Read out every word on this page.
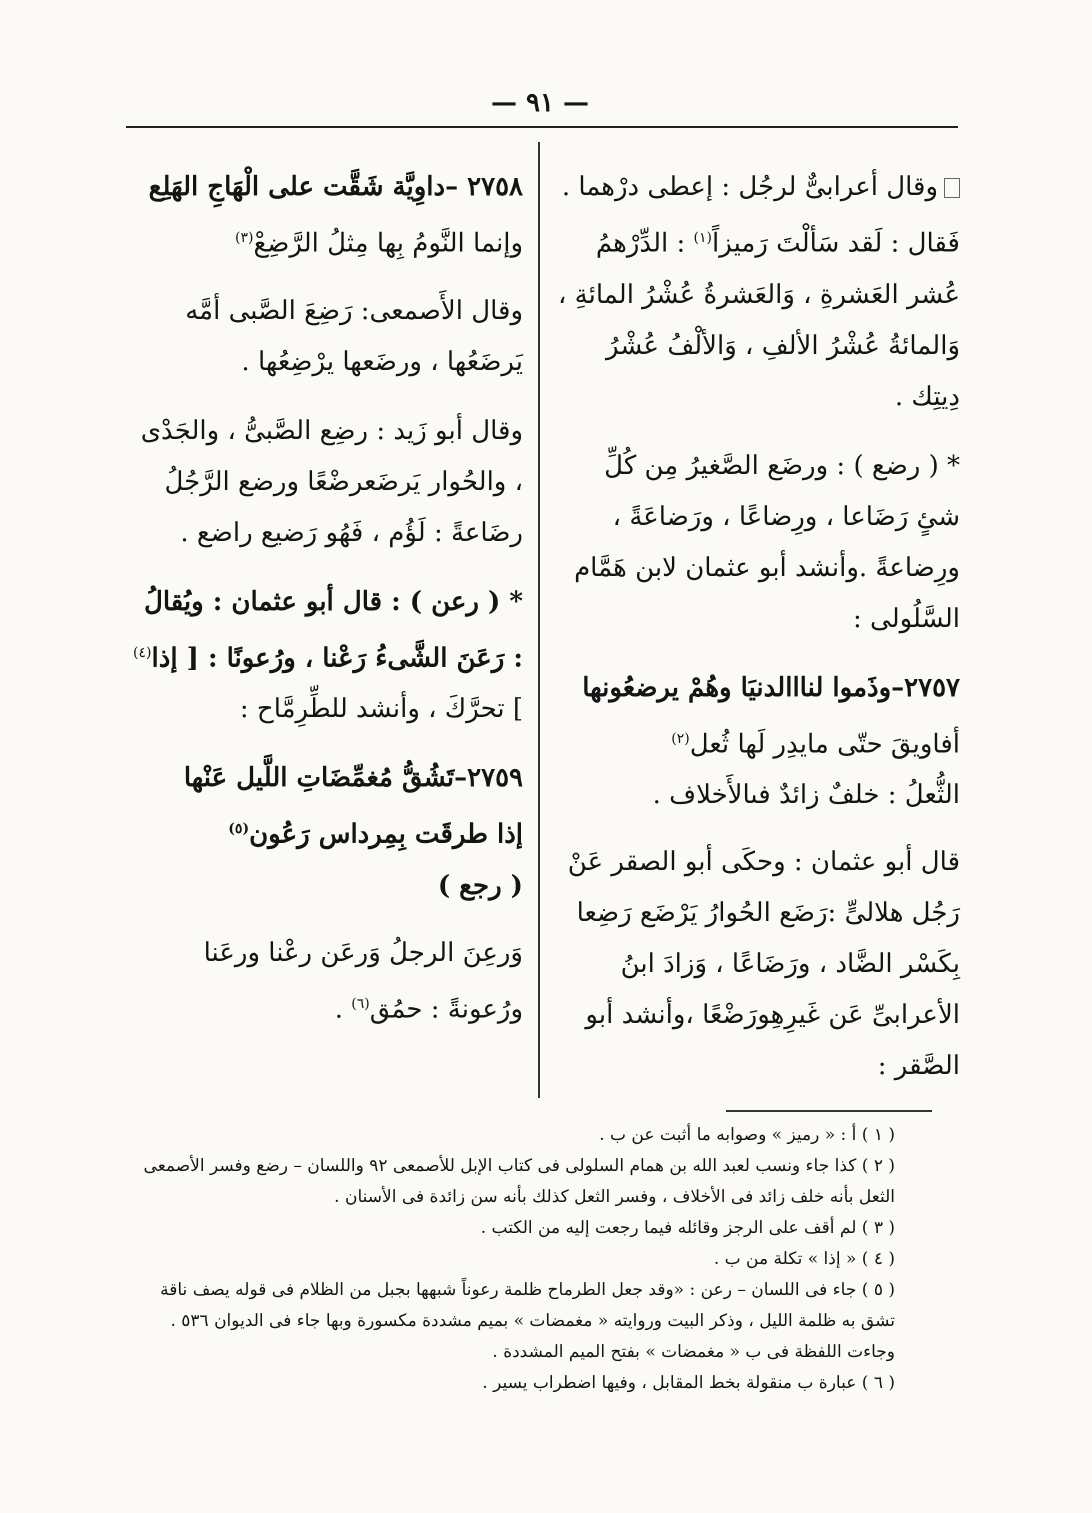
— ٩١ —
وقال أعرابىٌّ لرجُل : إعطى درْهما . فَقال : لَقد سَألْتَ رَميزاً$^{(١)}$ : الدِّرْهمُ عُشر العَشرةِ ، وَالعَشرةُ عُشْرُ المائةِ ، وَالمائةُ عُشْرُ الألفِ ، وَالألْفُ عُشْرُ دِيتِك .
* ( رضع ) : ورضَع الصَّغيرُ مِن كُلِّ شئٍ رَضَاعا ، ورِضاعًا ، ورَضاعَةً ، ورِضاعةً .وأنشد أبو عثمان لابن هَمَّام السَّلُولى :
٢٧٥٧–وذَموا لنااالدنيَا وهُمْ يرضعُونها
أفاويقَ حتّى مايدِر لَها ثُعل$^{(٢)}$
الثُّعلُ : خلفٌ زائدٌ فىالأَخلاف .
قال أبو عثمان : وحكَى أبو الصقر عَنْ رَجُل هلالىٍّ :رَضَع الحُوارُ يَرْضَع رَضِعا بِكَسْر الضَّاد ، ورَضَاعًا ، وَزادَ ابنُ الأعرابىِّ عَن غَيرِهِورَضْعًا ،وأنشد أبو الصَّقر :
٢٧٥٨ –داوِيَّة شَقَّت على الْهَاجِ الهَلِع
وإنما النَّومُ بِها مِثلُ الرَّضِعْ$^{(٣)}$
وقال الأَصمعى: رَضِعَ الصَّبى أمَّه يَرضَعُها ، ورضَعها يرْضِعُها .
وقال أبو زَيد : رضِع الصَّبىُّ ، والجَدْى ، والحُوار يَرضَعرضْعًا ورضع الرَّجُلُ رضَاعةً : لَؤُم ، فَهُو رَضيع راضع .
* ( رعن ) : قال أبو عثمان : ويُقالُ : رَعَنَ الشَّىءُ رَعْنا ، ورُعونًا : [ إذا$^{(٤)}$ ] تحرَّكَ ، وأنشد للطِّرِمَّاح :
٢٧٥٩–تَشُقُّ مُغمِّضَاتِ اللَّيل عَنْها
إذا طرقَت بِمِرداس رَعُون$^{(٥)}$
( رجع )
وَرعِنَ الرجلُ وَرعَن رعْنا ورعَنا ورُعونةً : حمُق$^{(٦)}$ .
( ١ ) أ : « رميز » وصوابه ما أثبت عن ب .
( ٢ ) كذا جاء ونسب لعبد الله بن همام السلولى فى كتاب الإبل للأصمعى ٩٢ واللسان – رضع وفسر الأصمعى
الثعل بأنه خلف زائد فى الأخلاف ، وفسر الثعل كذلك بأنه سن زائدة فى الأسنان .
( ٣ ) لم أقف على الرجز وقائله فيما رجعت إليه من الكتب .
( ٤ ) « إذا » تكلة من ب .
( ٥ ) جاء فى اللسان – رعن : «وقد جعل الطرماح ظلمة رعوناً شبهها بجبل من الظلام فى قوله يصف ناقة
تشق به ظلمة الليل ، وذكر البيت وروايته « مغمضات » بميم مشددة مكسورة وبها جاء فى الديوان ٥٣٦ .
وجاءت اللفظة فى ب « مغمضات » بفتح الميم المشددة .
( ٦ ) عبارة ب منقولة بخط المقابل ، وفيها اضطراب يسير .
